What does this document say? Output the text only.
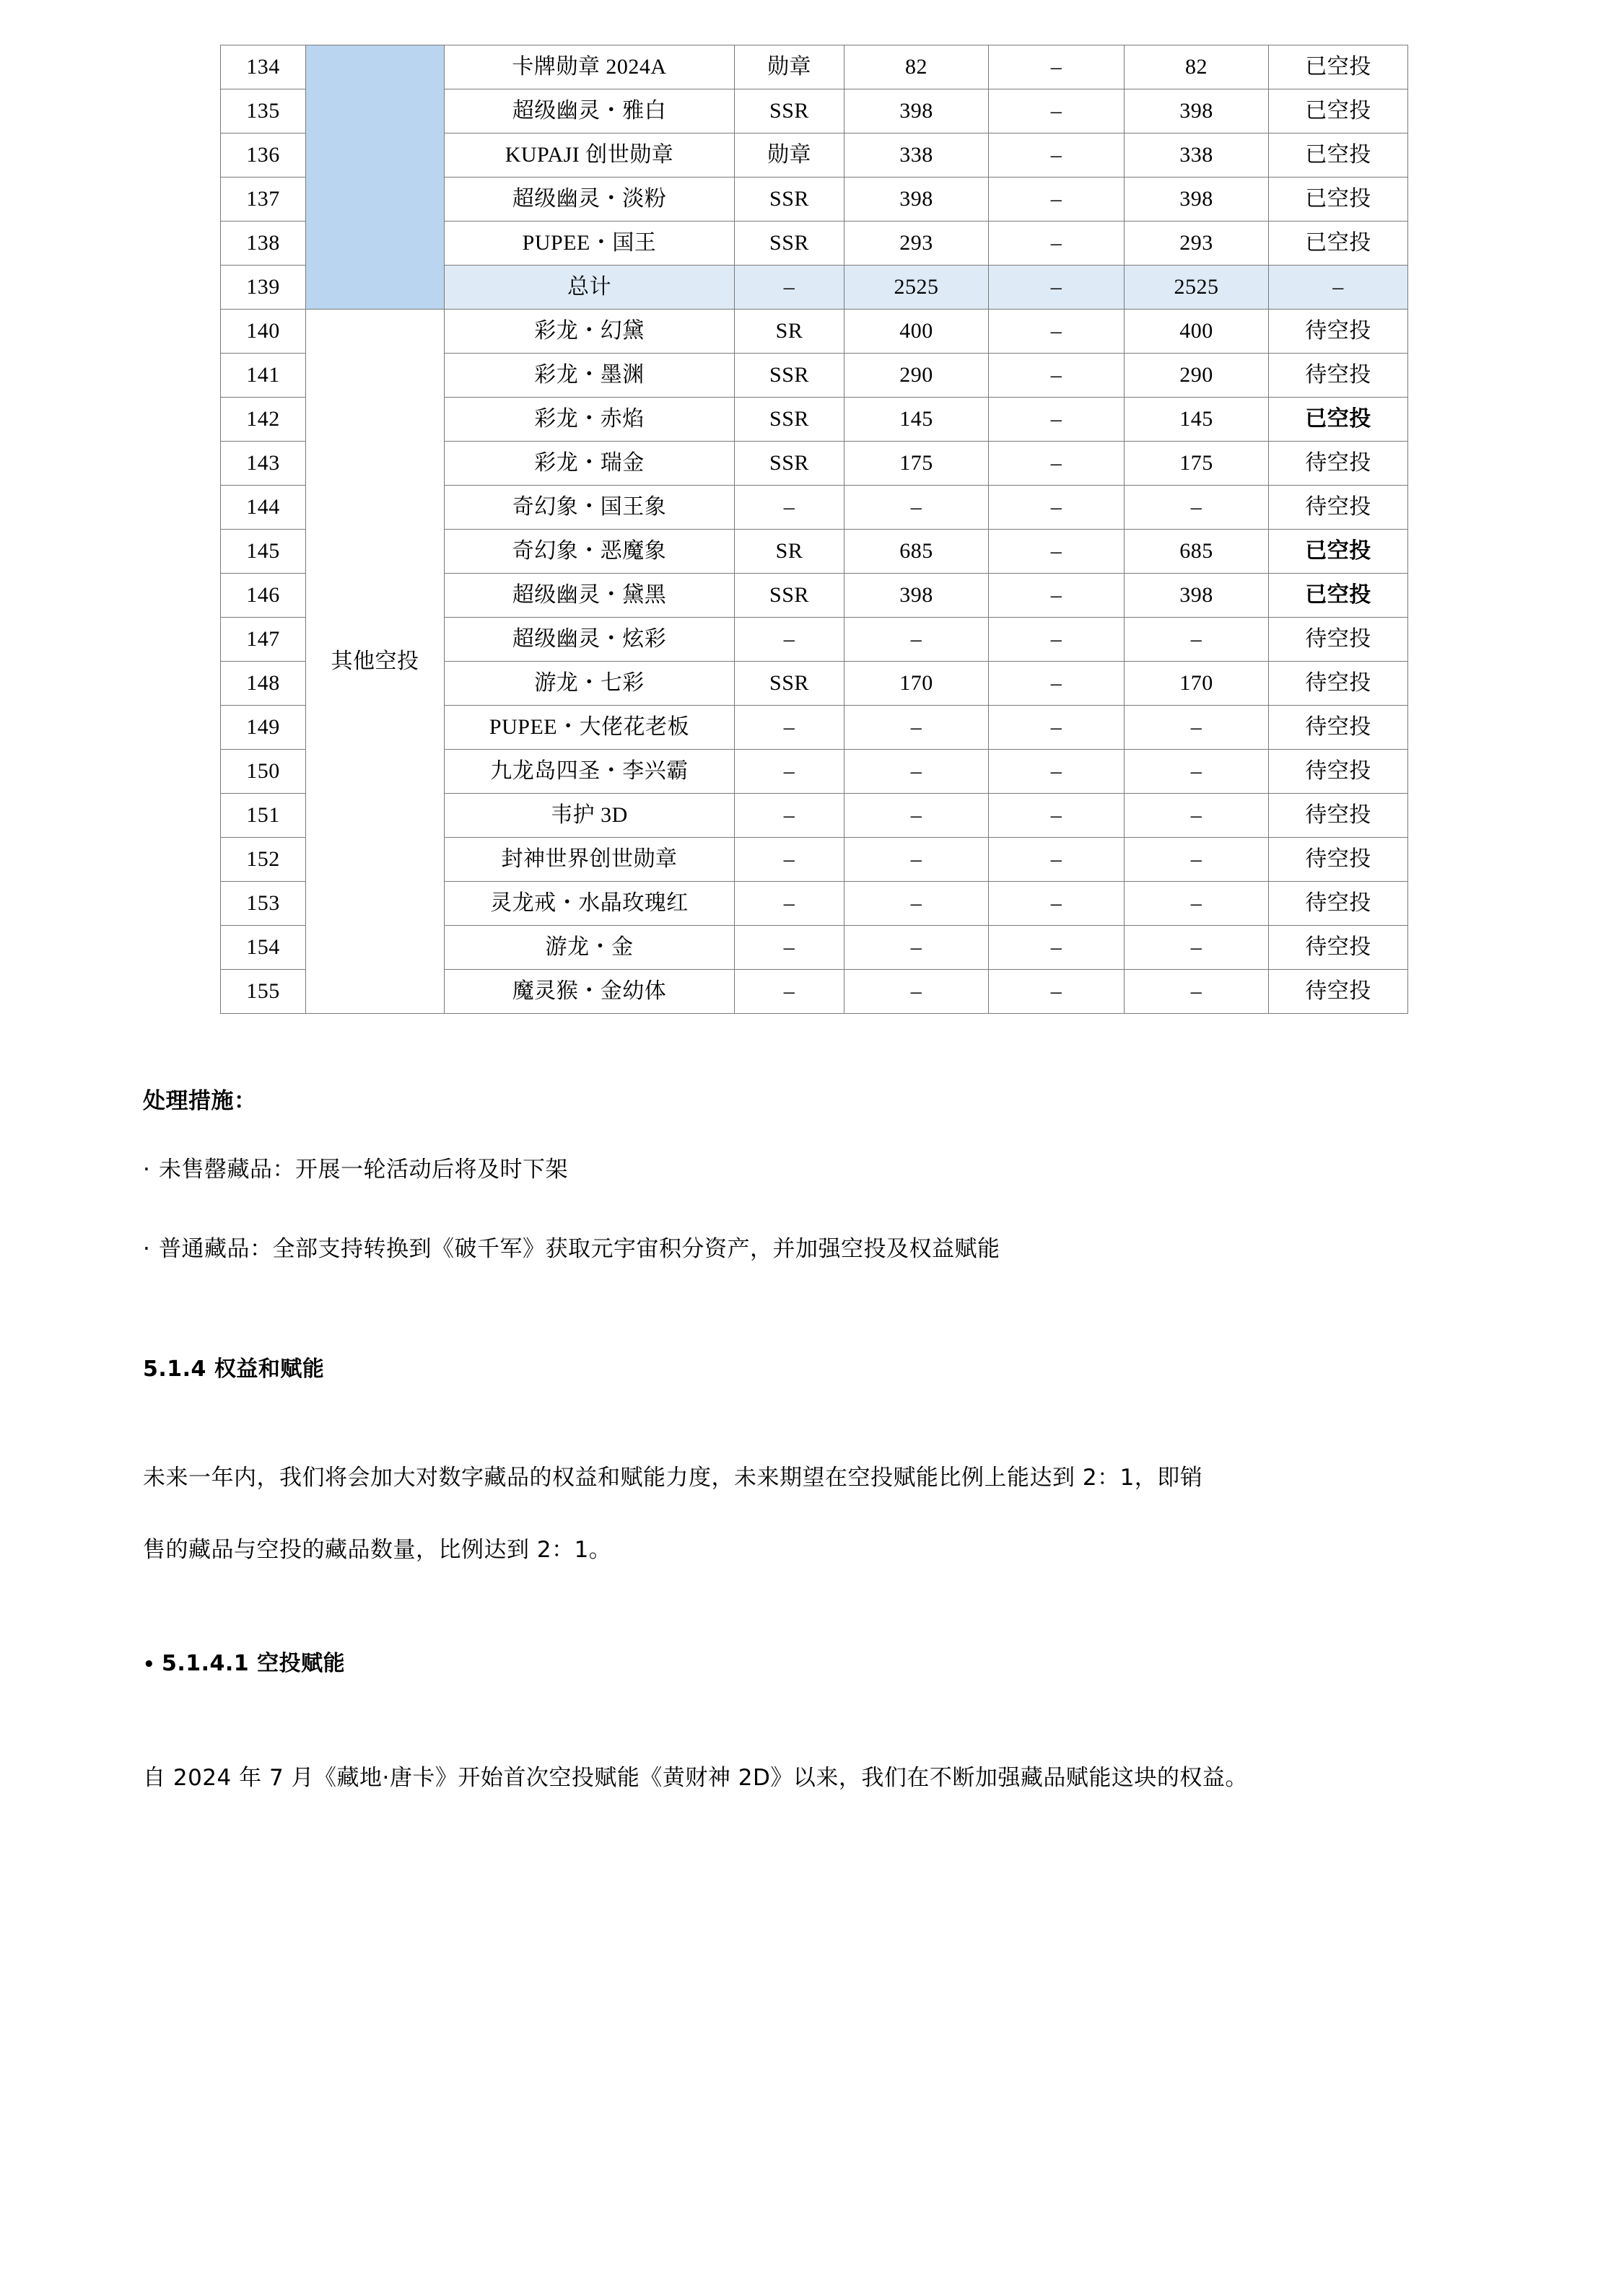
134		卡牌勋章 2024A	勋章	82	–	82	已空投
135		超级幽灵・雅白	SSR	398	–	398	已空投
136		KUPAJI 创世勋章	勋章	338	–	338	已空投
137		超级幽灵・淡粉	SSR	398	–	398	已空投
138		PUPEE・国王	SSR	293	–	293	已空投
139		总计	–	2525	–	2525	–
140	其他空投	彩龙・幻黛	SR	400	–	400	待空投
141		彩龙・墨渊	SSR	290	–	290	待空投
142		彩龙・赤焰	SSR	145	–	145	已空投
143		彩龙・瑞金	SSR	175	–	175	待空投
144		奇幻象・国王象	–	–	–	–	待空投
145		奇幻象・恶魔象	SR	685	–	685	已空投
146		超级幽灵・黛黑	SSR	398	–	398	已空投
147		超级幽灵・炫彩	–	–	–	–	待空投
148		游龙・七彩	SSR	170	–	170	待空投
149		PUPEE・大佬花老板	–	–	–	–	待空投
150		九龙岛四圣・李兴霸	–	–	–	–	待空投
151		韦护 3D	–	–	–	–	待空投
152		封神世界创世勋章	–	–	–	–	待空投
153		灵龙戒・水晶玫瑰红	–	–	–	–	待空投
154		游龙・金	–	–	–	–	待空投
155		魔灵猴・金幼体	–	–	–	–	待空投

处理措施：

· 未售罄藏品：开展一轮活动后将及时下架

· 普通藏品：全部支持转换到《破千军》获取元宇宙积分资产，并加强空投及权益赋能

5.1.4 权益和赋能

未来一年内，我们将会加大对数字藏品的权益和赋能力度，未来期望在空投赋能比例上能达到 2：1，即销

售的藏品与空投的藏品数量，比例达到 2：1。

• 5.1.4.1 空投赋能

自 2024 年 7 月《藏地·唐卡》开始首次空投赋能《黄财神 2D》以来，我们在不断加强藏品赋能这块的权益。
